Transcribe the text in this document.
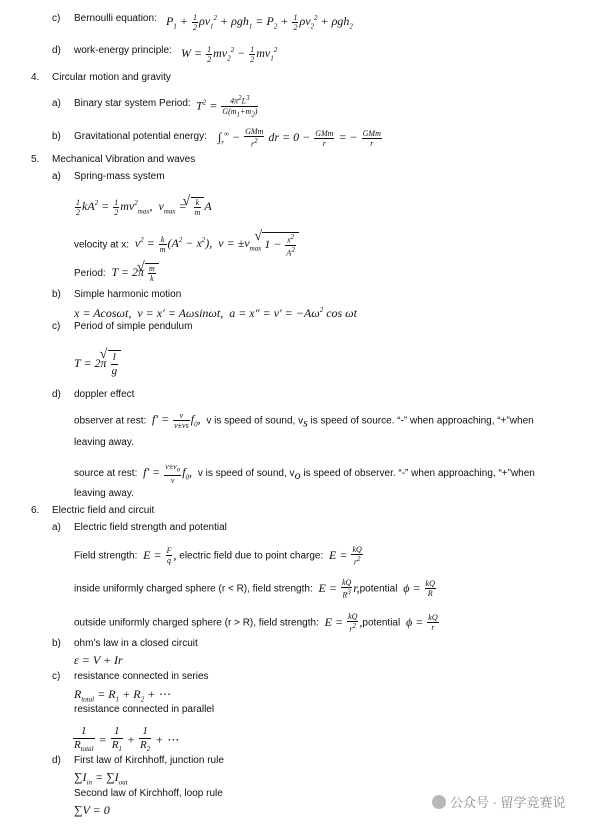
c) Bernoulli equation: $P_1 + \frac{1}{2} \rho v_1^2 + \rho gh_1 = P_2 + \frac{1}{2} \rho v_2^2 + \rho gh_2$
d) work-energy principle: $W = \frac{1}{2} mv_2^2 - \frac{1}{2} mv_1^2$
4. Circular motion and gravity
a) Binary star system Period: $T^2 = \frac{4\pi^2L^3}{G(m_1+m_2)}$
b) Gravitational potential energy: $\int_r^\infty - \frac{\text{GMm}}{r^2}$ dr = $0 - \frac{\text{GMm}}{r}$ = − $\frac{\text{GMm}}{r}$
5. Mechanical Vibration and waves
a) Spring-mass system
$\frac{1}{2} kA^2 = \frac{1}{2} mv^2_{max}$,  $v_{max}$ =
√ $\frac{k}{m}$ A
velocity at x:  $v^2 = \frac{k}{m} (A^2 - x^2)$,  $v = \pm v_{max}√$ $1 - \frac{x^2}{A^2}$
Period:  T = 2π
√ $\frac{m}{k}$
b) Simple harmonic motion
x = Acosωt,  v = x′ = Aωsinωt,  $a = x'' = v' = -A\omega^2$ cos ωt
c) Period of simple pendulum
T = 2π
√ $\frac{l}{g}$
d) doppler effect
observer at rest:  $f' = \frac{v}{v\pm vs} f_0$,  v is speed of sound, $v_s$ is speed of source. “-” when approaching, “+”when
leaving away.
source at rest:  $f' = \frac{v\pm v_o}{v} f_0$,  v is speed of sound, $v_o$ is speed of observer. “-” when approaching, “+”when
leaving away.
6. Electric field and circuit
a) Electric field strength and potential
Field strength:  $E = \frac{F}{q}$ , electric field due to point charge:  $E = \frac{kQ}{r^2}$
inside uniformly charged sphere (r < R), field strength:  $E = \frac{kQ}{R^3}$ r,potential  $\phi = \frac{kQ}{R}$
outside uniformly charged sphere (r > R), field strength:  $E = \frac{kQ}{r^2}$ ,potential  $\phi = \frac{kQ}{r}$
b) ohm’s law in a closed circuit
ε = V + Ir
c) resistance connected in series
$R_{total} = R_1 + R_2$ + ⋯
resistance connected in parallel
$\frac{1}{R_{total}} = \frac{1}{R_1} + \frac{1}{R_2}$ + ⋯
d) First law of Kirchhoff, junction rule
$\sum I_{in} = \sum I_{out}$
Second law of Kirchhoff, loop rule
∑V = 0	公众号 · 留学竞赛说
